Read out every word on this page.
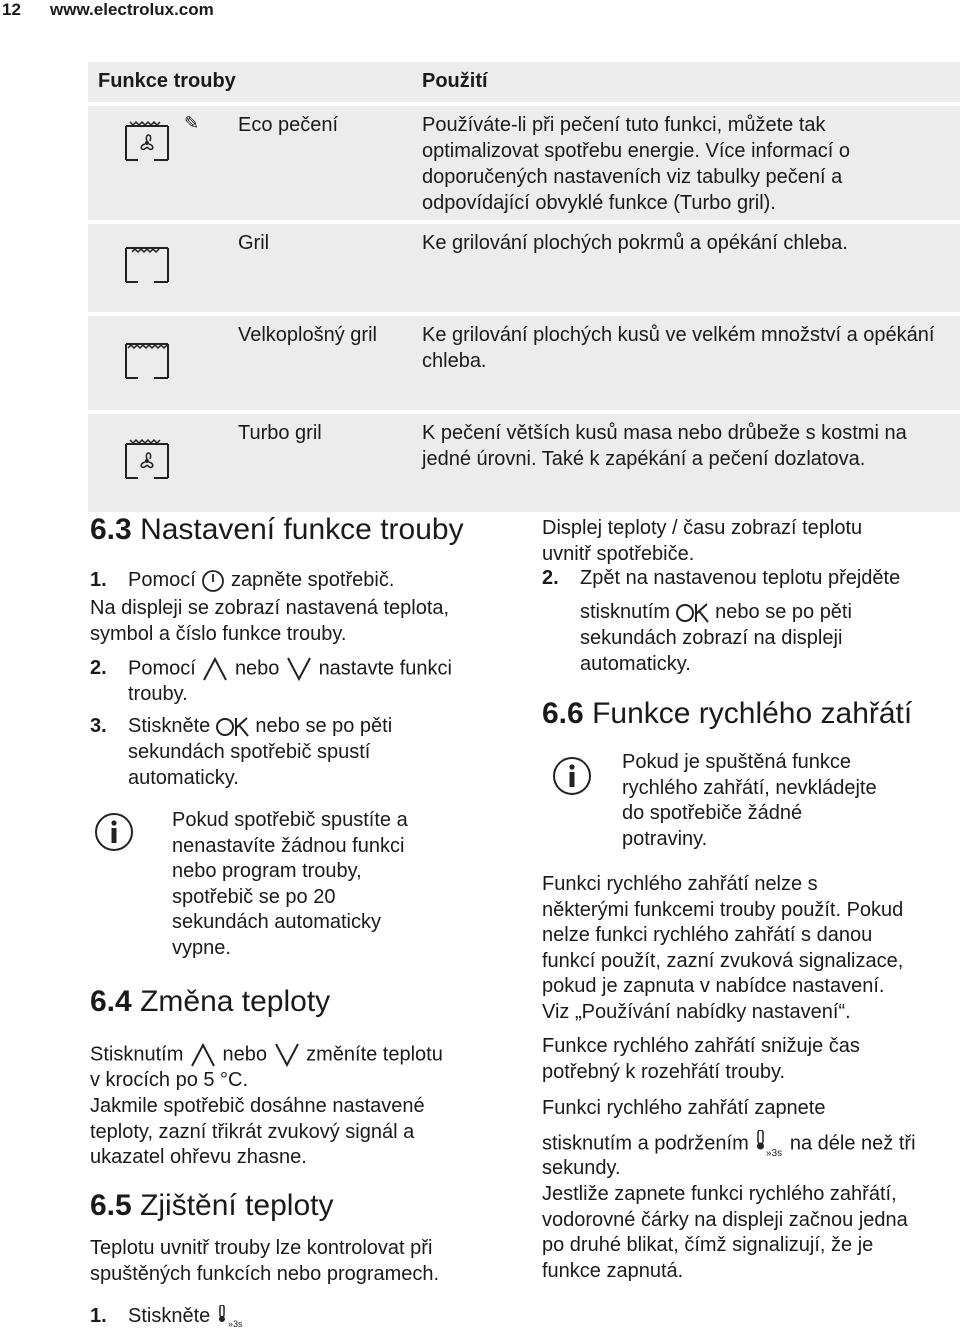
12 www.electrolux.com
Funkce trouby		Použití

✎	Eco pečení	Používáte-li při pečení tuto funkci, můžete tak optimalizovat spotřebu energie. Více informací o doporučených nastaveních viz tabulky pečení a odpovídající obvyklé funkce (Turbo gril).

	Gril	Ke grilování plochých pokrmů a opékání chleba.

	Velkoplošný gril	Ke grilování plochých kusů ve velkém množství a opékání chleba.

	Turbo gril	K pečení větších kusů masa nebo drůbeže s kostmi na jedné úrovni. Také k zapékání a pečení dozlatova.
6.3 Nastavení funkce trouby
1. Pomocí zapněte spotřebič.
Na displeji se zobrazí nastavená teplota, symbol a číslo funkce trouby.
2. Pomocí nebo nastavte funkci
trouby.
3. Stiskněte nebo se po pěti
sekundách spotřebič spustí
automaticky.
Pokud spotřebič spustíte a
nenastavíte žádnou funkci
nebo program trouby,
spotřebič se po 20
sekundách automaticky
vypne.
6.4 Změna teploty
Stisknutím nebo změníte teplotu
v krocích po 5 °C.
Jakmile spotřebič dosáhne nastavené
teploty, zazní třikrát zvukový signál a
ukazatel ohřevu zhasne.
6.5 Zjištění teploty
Teplotu uvnitř trouby lze kontrolovat při
spuštěných funkcích nebo programech.
1. Stiskněte »3s
Displej teploty / času zobrazí teplotu
uvnitř spotřebiče.
2. Zpět na nastavenou teplotu přejděte
stisknutím nebo se po pěti
sekundách zobrazí na displeji
automaticky.
6.6 Funkce rychlého zahřátí
Pokud je spuštěná funkce
rychlého zahřátí, nevkládejte
do spotřebiče žádné
potraviny.
Funkci rychlého zahřátí nelze s
některými funkcemi trouby použít. Pokud
nelze funkci rychlého zahřátí s danou
funkcí použít, zazní zvuková signalizace,
pokud je zapnuta v nabídce nastavení.
Viz „Používání nabídky nastavení“.
Funkce rychlého zahřátí snižuje čas
potřebný k rozehřátí trouby.
Funkci rychlého zahřátí zapnete
stisknutím a podržením »3s na déle než tři
sekundy.
Jestliže zapnete funkci rychlého zahřátí,
vodorovné čárky na displeji začnou jedna
po druhé blikat, čímž signalizují, že je
funkce zapnutá.
